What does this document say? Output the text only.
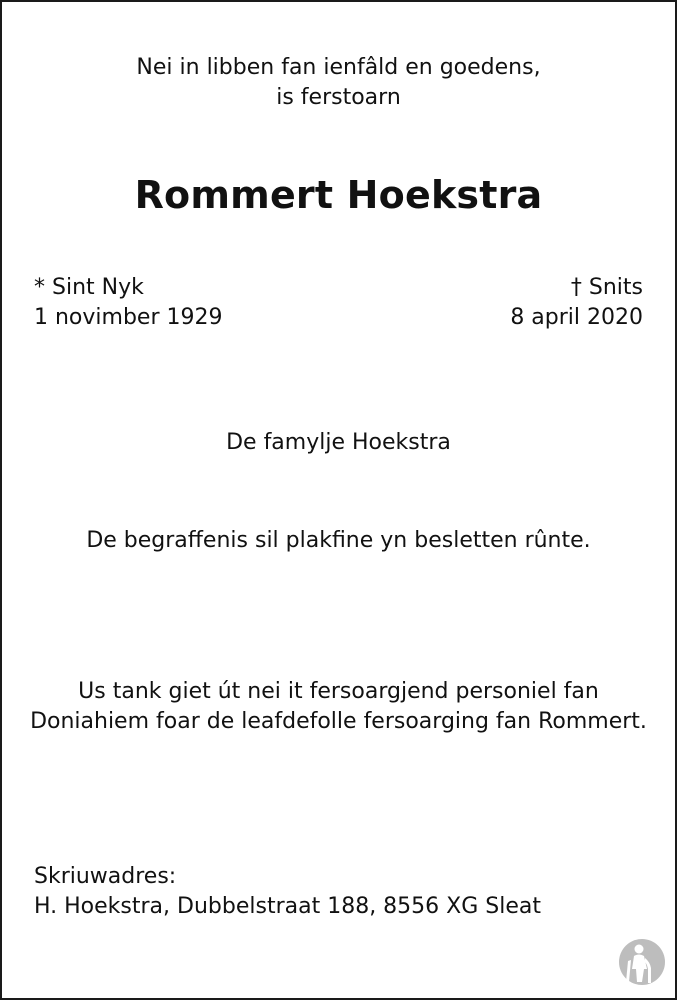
Nei in libben fan ienfâld en goedens,
is ferstoarn
Rommert Hoekstra
* Sint Nyk
1 novimber 1929
† Snits
8 april 2020
De famylje Hoekstra
De begraffenis sil plakfine yn besletten rûnte.
Us tank giet út nei it fersoargjend personiel fan
Doniahiem foar de leafdefolle fersoarging fan Rommert.
Skriuwadres:
H. Hoekstra, Dubbelstraat 188, 8556 XG Sleat
